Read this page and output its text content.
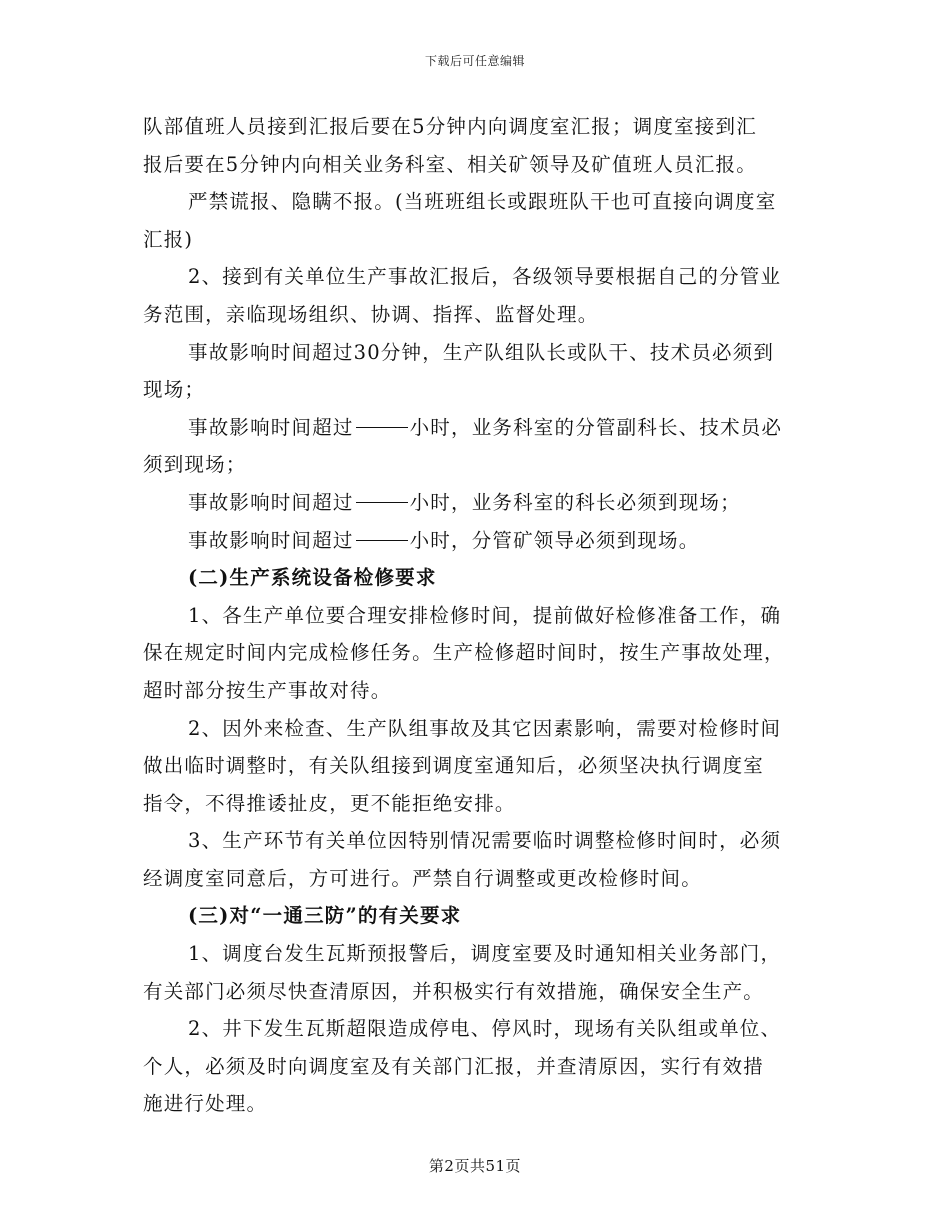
下载后可任意编辑
队部值班人员接到汇报后要在5分钟内向调度室汇报；调度室接到汇
报后要在5分钟内向相关业务科室、相关矿领导及矿值班人员汇报。
严禁谎报、隐瞒不报。(当班班组长或跟班队干也可直接向调度室
汇报)
2、接到有关单位生产事故汇报后，各级领导要根据自己的分管业
务范围，亲临现场组织、协调、指挥、监督处理。
事故影响时间超过30分钟，生产队组队长或队干、技术员必须到
现场；
事故影响时间超过	小时，业务科室的分管副科长、技术员必
须到现场；
事故影响时间超过	小时，业务科室的科长必须到现场；
事故影响时间超过	小时，分管矿领导必须到现场。
(二)生产系统设备检修要求
1、各生产单位要合理安排检修时间，提前做好检修准备工作，确
保在规定时间内完成检修任务。生产检修超时间时，按生产事故处理，
超时部分按生产事故对待。
2、因外来检查、生产队组事故及其它因素影响，需要对检修时间
做出临时调整时，有关队组接到调度室通知后，必须坚决执行调度室
指令，不得推诿扯皮，更不能拒绝安排。
3、生产环节有关单位因特别情况需要临时调整检修时间时，必须
经调度室同意后，方可进行。严禁自行调整或更改检修时间。
(三)对“一通三防”的有关要求
1、调度台发生瓦斯预报警后，调度室要及时通知相关业务部门，
有关部门必须尽快查清原因，并积极实行有效措施，确保安全生产。
2、井下发生瓦斯超限造成停电、停风时，现场有关队组或单位、
个人，必须及时向调度室及有关部门汇报，并查清原因，实行有效措
施进行处理。
第2页共51页
